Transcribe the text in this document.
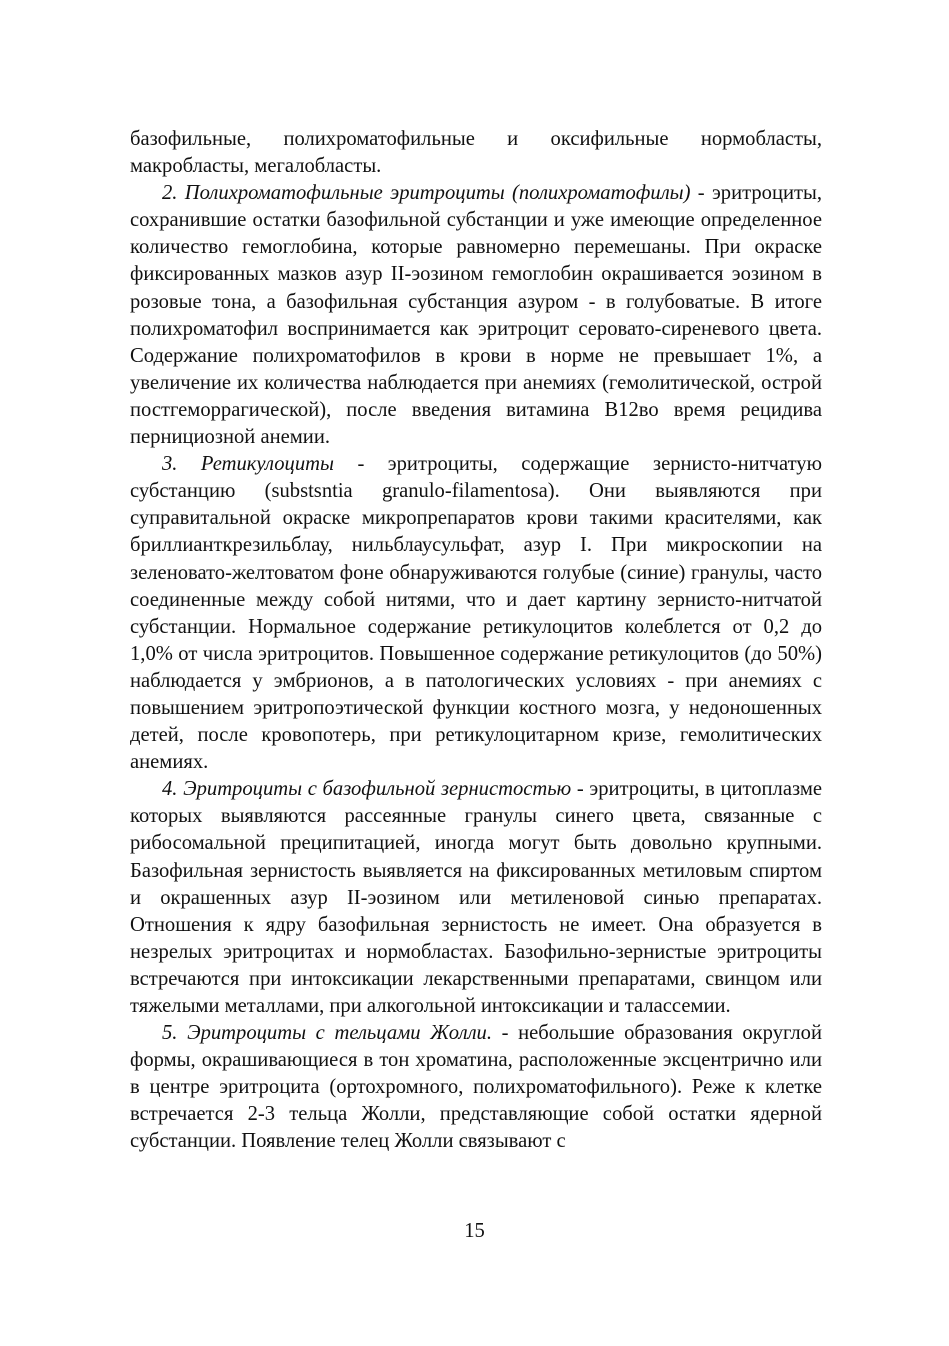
базофильные, полихроматофильные и оксифильные нормобласты, макробласты, мегалобласты.

2. Полихроматофильные эритроциты (полихроматофилы) - эритроциты, сохранившие остатки базофильной субстанции и уже имеющие определенное количество гемоглобина, которые равномерно перемешаны. При окраске фиксированных мазков азур II-эозином гемоглобин окрашивается эозином в розовые тона, а базофильная субстанция азуром - в голубоватые. В итоге полихроматофил воспринимается как эритроцит серовато-сиреневого цвета. Содержание полихроматофилов в крови в норме не превышает 1%, а увеличение их количества наблюдается при анемиях (гемолитической, острой постгеморрагической), после введения витамина В12во время рецидива пернициозной анемии.

3. Ретикулоциты - эритроциты, содержащие зернисто-нитчатую субстанцию (substsntia granulo-filamentosa). Они выявляются при суправитальной окраске микропрепаратов крови такими красителями, как бриллианткрезильблау, нильблаусульфат, азур I. При микроскопии на зеленовато-желтоватом фоне обнаруживаются голубые (синие) гранулы, часто соединенные между собой нитями, что и дает картину зернисто-нитчатой субстанции. Нормальное содержание ретикулоцитов колеблется от 0,2 до 1,0% от числа эритроцитов. Повышенное содержание ретикулоцитов (до 50%) наблюдается у эмбрионов, а в патологических условиях - при анемиях с повышением эритропоэтической функции костного мозга, у недоношенных детей, после кровопотерь, при ретикулоцитарном кризе, гемолитических анемиях.

4. Эритроциты с базофильной зернистостью - эритроциты, в цитоплазме которых выявляются рассеянные гранулы синего цвета, связанные с рибосомальной преципитацией, иногда могут быть довольно крупными. Базофильная зернистость выявляется на фиксированных метиловым спиртом и окрашенных азур II-эозином или метиленовой синью препаратах. Отношения к ядру базофильная зернистость не имеет. Она образуется в незрелых эритроцитах и нормобластах. Базофильно-зернистые эритроциты встречаются при интоксикации лекарственными препаратами, свинцом или тяжелыми металлами, при алкогольной интоксикации и талассемии.

5. Эритроциты с тельцами Жолли. - небольшие образования округлой формы, окрашивающиеся в тон хроматина, расположенные эксцентрично или в центре эритроцита (ортохромного, полихроматофильного). Реже к клетке встречается 2-3 тельца Жолли, представляющие собой остатки ядерной субстанции. Появление телец Жолли связывают с

15
